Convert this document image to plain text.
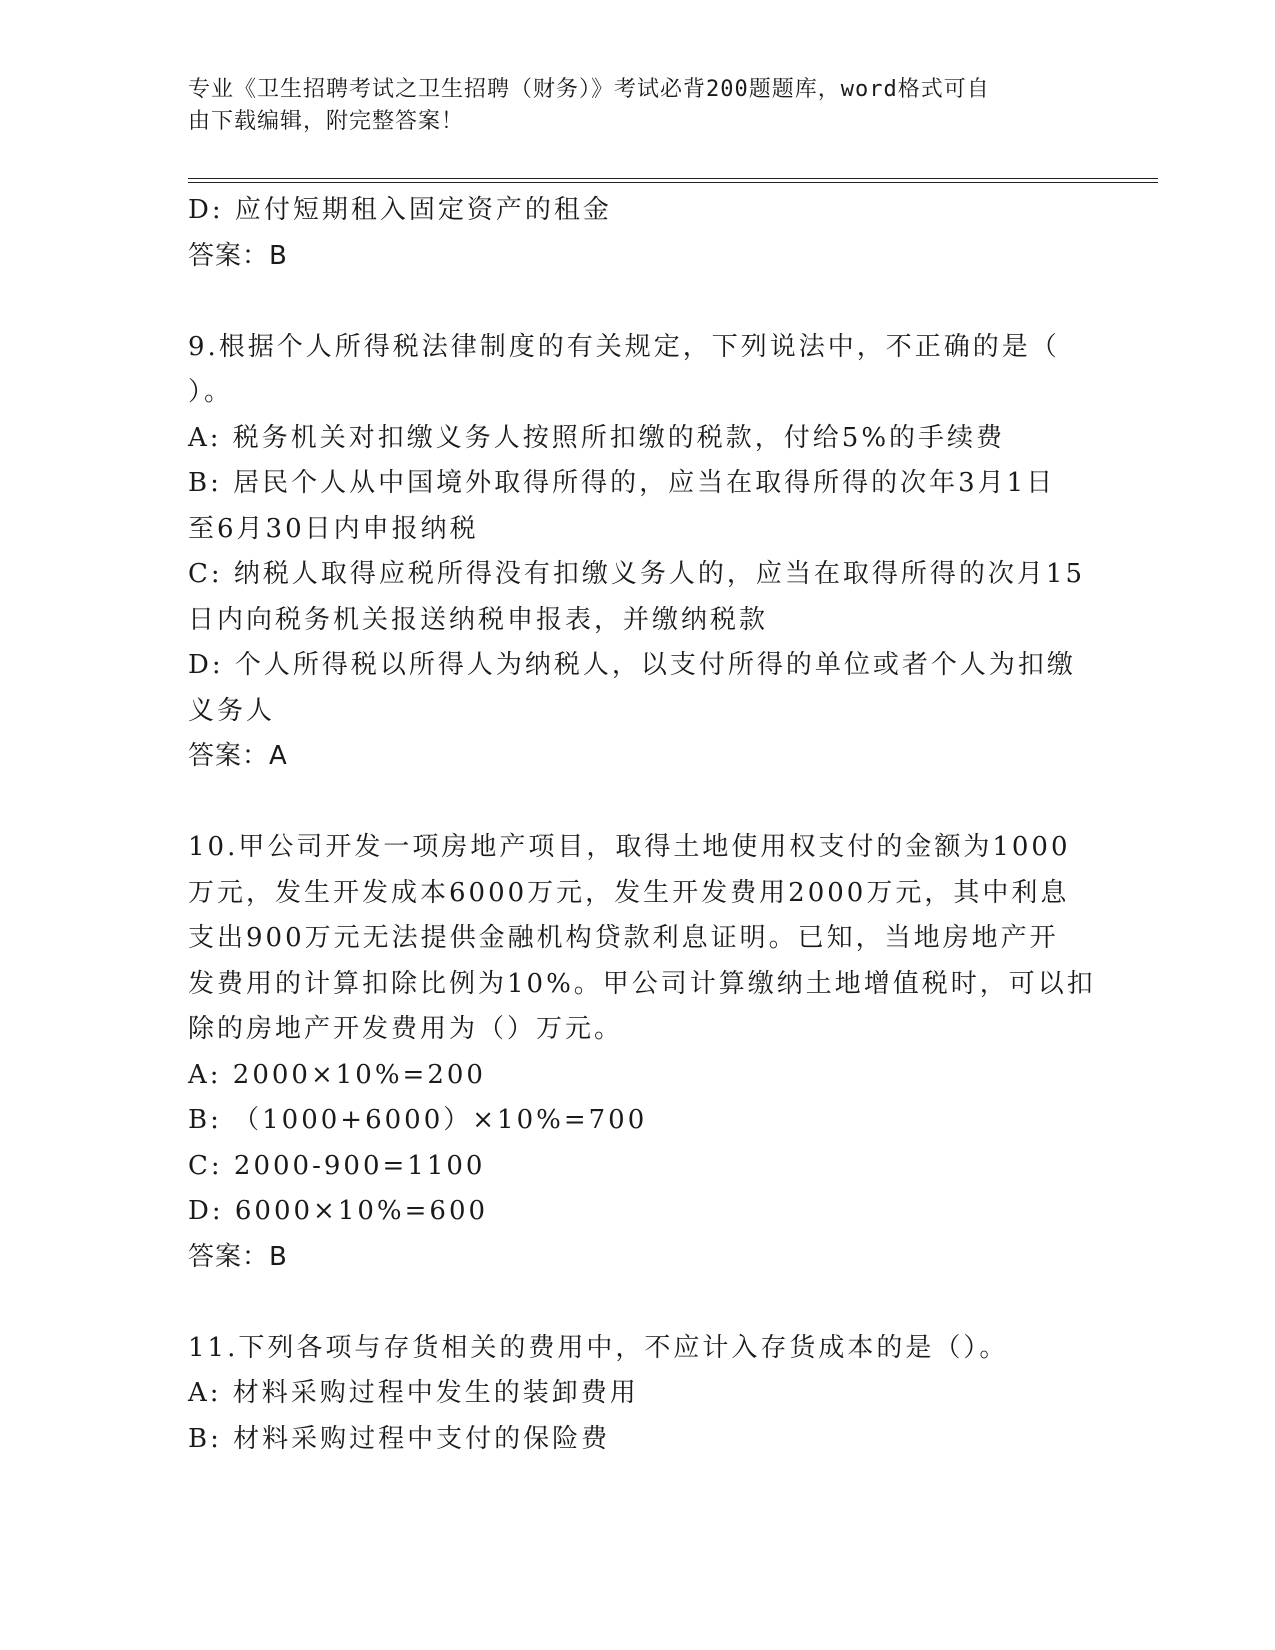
专业《卫生招聘考试之卫生招聘（财务）》考试必背200题题库，word格式可自
由下载编辑，附完整答案！
D: 应付短期租入固定资产的租金
答案：B
9.根据个人所得税法律制度的有关规定，下列说法中，不正确的是（
）。
A: 税务机关对扣缴义务人按照所扣缴的税款，付给5%的手续费
B: 居民个人从中国境外取得所得的，应当在取得所得的次年3月1日
至6月30日内申报纳税
C: 纳税人取得应税所得没有扣缴义务人的，应当在取得所得的次月15
日内向税务机关报送纳税申报表，并缴纳税款
D: 个人所得税以所得人为纳税人，以支付所得的单位或者个人为扣缴
义务人
答案：A
10.甲公司开发一项房地产项目，取得土地使用权支付的金额为1000
万元，发生开发成本6000万元，发生开发费用2000万元，其中利息
支出900万元无法提供金融机构贷款利息证明。已知，当地房地产开
发费用的计算扣除比例为10%。甲公司计算缴纳土地增值税时，可以扣
除的房地产开发费用为（）万元。
A: 2000×10%=200
B: （1000+6000）×10%=700
C: 2000-900=1100
D: 6000×10%=600
答案：B
11.下列各项与存货相关的费用中，不应计入存货成本的是（）。
A: 材料采购过程中发生的装卸费用
B: 材料采购过程中支付的保险费
